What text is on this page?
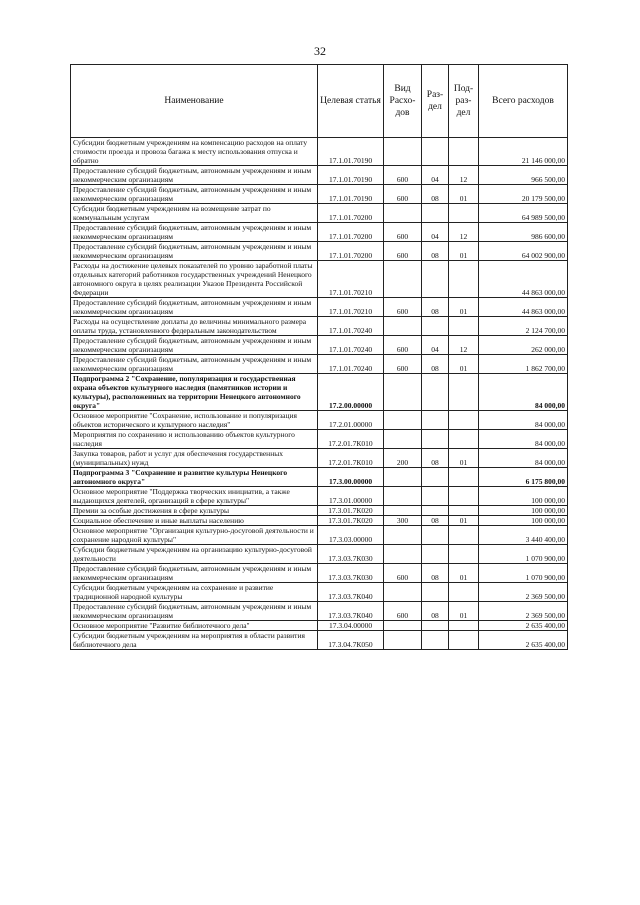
32
Наименование	Целевая статья	Вид Расхо-дов	Раз-дел	Под-раз-дел	Всего расходов
Субсидии бюджетным учреждениям на компенсацию расходов на оплату стоимости проезда и провоза багажа к месту использования отпуска и обратно	17.1.01.70190				21 146 000,00
Предоставление субсидий бюджетным, автономным учреждениям и иным некоммерческим организациям	17.1.01.70190	600	04	12	966 500,00
Предоставление субсидий бюджетным, автономным учреждениям и иным некоммерческим организациям	17.1.01.70190	600	08	01	20 179 500,00
Субсидии бюджетным учреждениям на возмещение затрат по коммунальным услугам	17.1.01.70200				64 989 500,00
Предоставление субсидий бюджетным, автономным учреждениям и иным некоммерческим организациям	17.1.01.70200	600	04	12	986 600,00
Предоставление субсидий бюджетным, автономным учреждениям и иным некоммерческим организациям	17.1.01.70200	600	08	01	64 002 900,00
Расходы на достижение целевых показателей по уровню заработной платы отдельных категорий работников государственных учреждений Ненецкого автономного округа в целях реализации Указов Президента Российской Федерации	17.1.01.70210				44 863 000,00
Предоставление субсидий бюджетным, автономным учреждениям и иным некоммерческим организациям	17.1.01.70210	600	08	01	44 863 000,00
Расходы на осуществление доплаты до величины минимального размера оплаты труда, установленного федеральным законодательством	17.1.01.70240				2 124 700,00
Предоставление субсидий бюджетным, автономным учреждениям и иным некоммерческим организациям	17.1.01.70240	600	04	12	262 000,00
Предоставление субсидий бюджетным, автономным учреждениям и иным некоммерческим организациям	17.1.01.70240	600	08	01	1 862 700,00
Подпрограмма 2 "Сохранение, популяризация и государственная охрана объектов культурного наследия (памятников истории и культуры), расположенных на территории Ненецкого автономного округа"	17.2.00.00000				84 000,00
Основное мероприятие "Сохранение, использование и популяризация объектов исторического и культурного наследия"	17.2.01.00000				84 000,00
Мероприятия по сохранению и использованию объектов культурного наследия	17.2.01.7К010				84 000,00
Закупка товаров, работ и услуг для обеспечения государственных (муниципальных) нужд	17.2.01.7К010	200	08	01	84 000,00
Подпрограмма 3 "Сохранение и развитие культуры Ненецкого автономного округа"	17.3.00.00000				6 175 800,00
Основное мероприятие "Поддержка творческих инициатив, а также выдающихся деятелей, организаций в сфере культуры"	17.3.01.00000				100 000,00
Премии за особые достижения в сфере культуры	17.3.01.7К020				100 000,00
Социальное обеспечение и иные выплаты населению	17.3.01.7К020	300	08	01	100 000,00
Основное мероприятие "Организация культурно-досуговой деятельности и сохранение народной культуры"	17.3.03.00000				3 440 400,00
Субсидии бюджетным учреждениям на организацию культурно-досуговой деятельности	17.3.03.7К030				1 070 900,00
Предоставление субсидий бюджетным, автономным учреждениям и иным некоммерческим организациям	17.3.03.7К030	600	08	01	1 070 900,00
Субсидии бюджетным учреждениям на сохранение и развитие традиционной народной культуры	17.3.03.7К040				2 369 500,00
Предоставление субсидий бюджетным, автономным учреждениям и иным некоммерческим организациям	17.3.03.7К040	600	08	01	2 369 500,00
Основное мероприятие "Развитие библиотечного дела"	17.3.04.00000				2 635 400,00
Субсидии бюджетным учреждениям на мероприятия в области развития библиотечного дела	17.3.04.7К050				2 635 400,00
